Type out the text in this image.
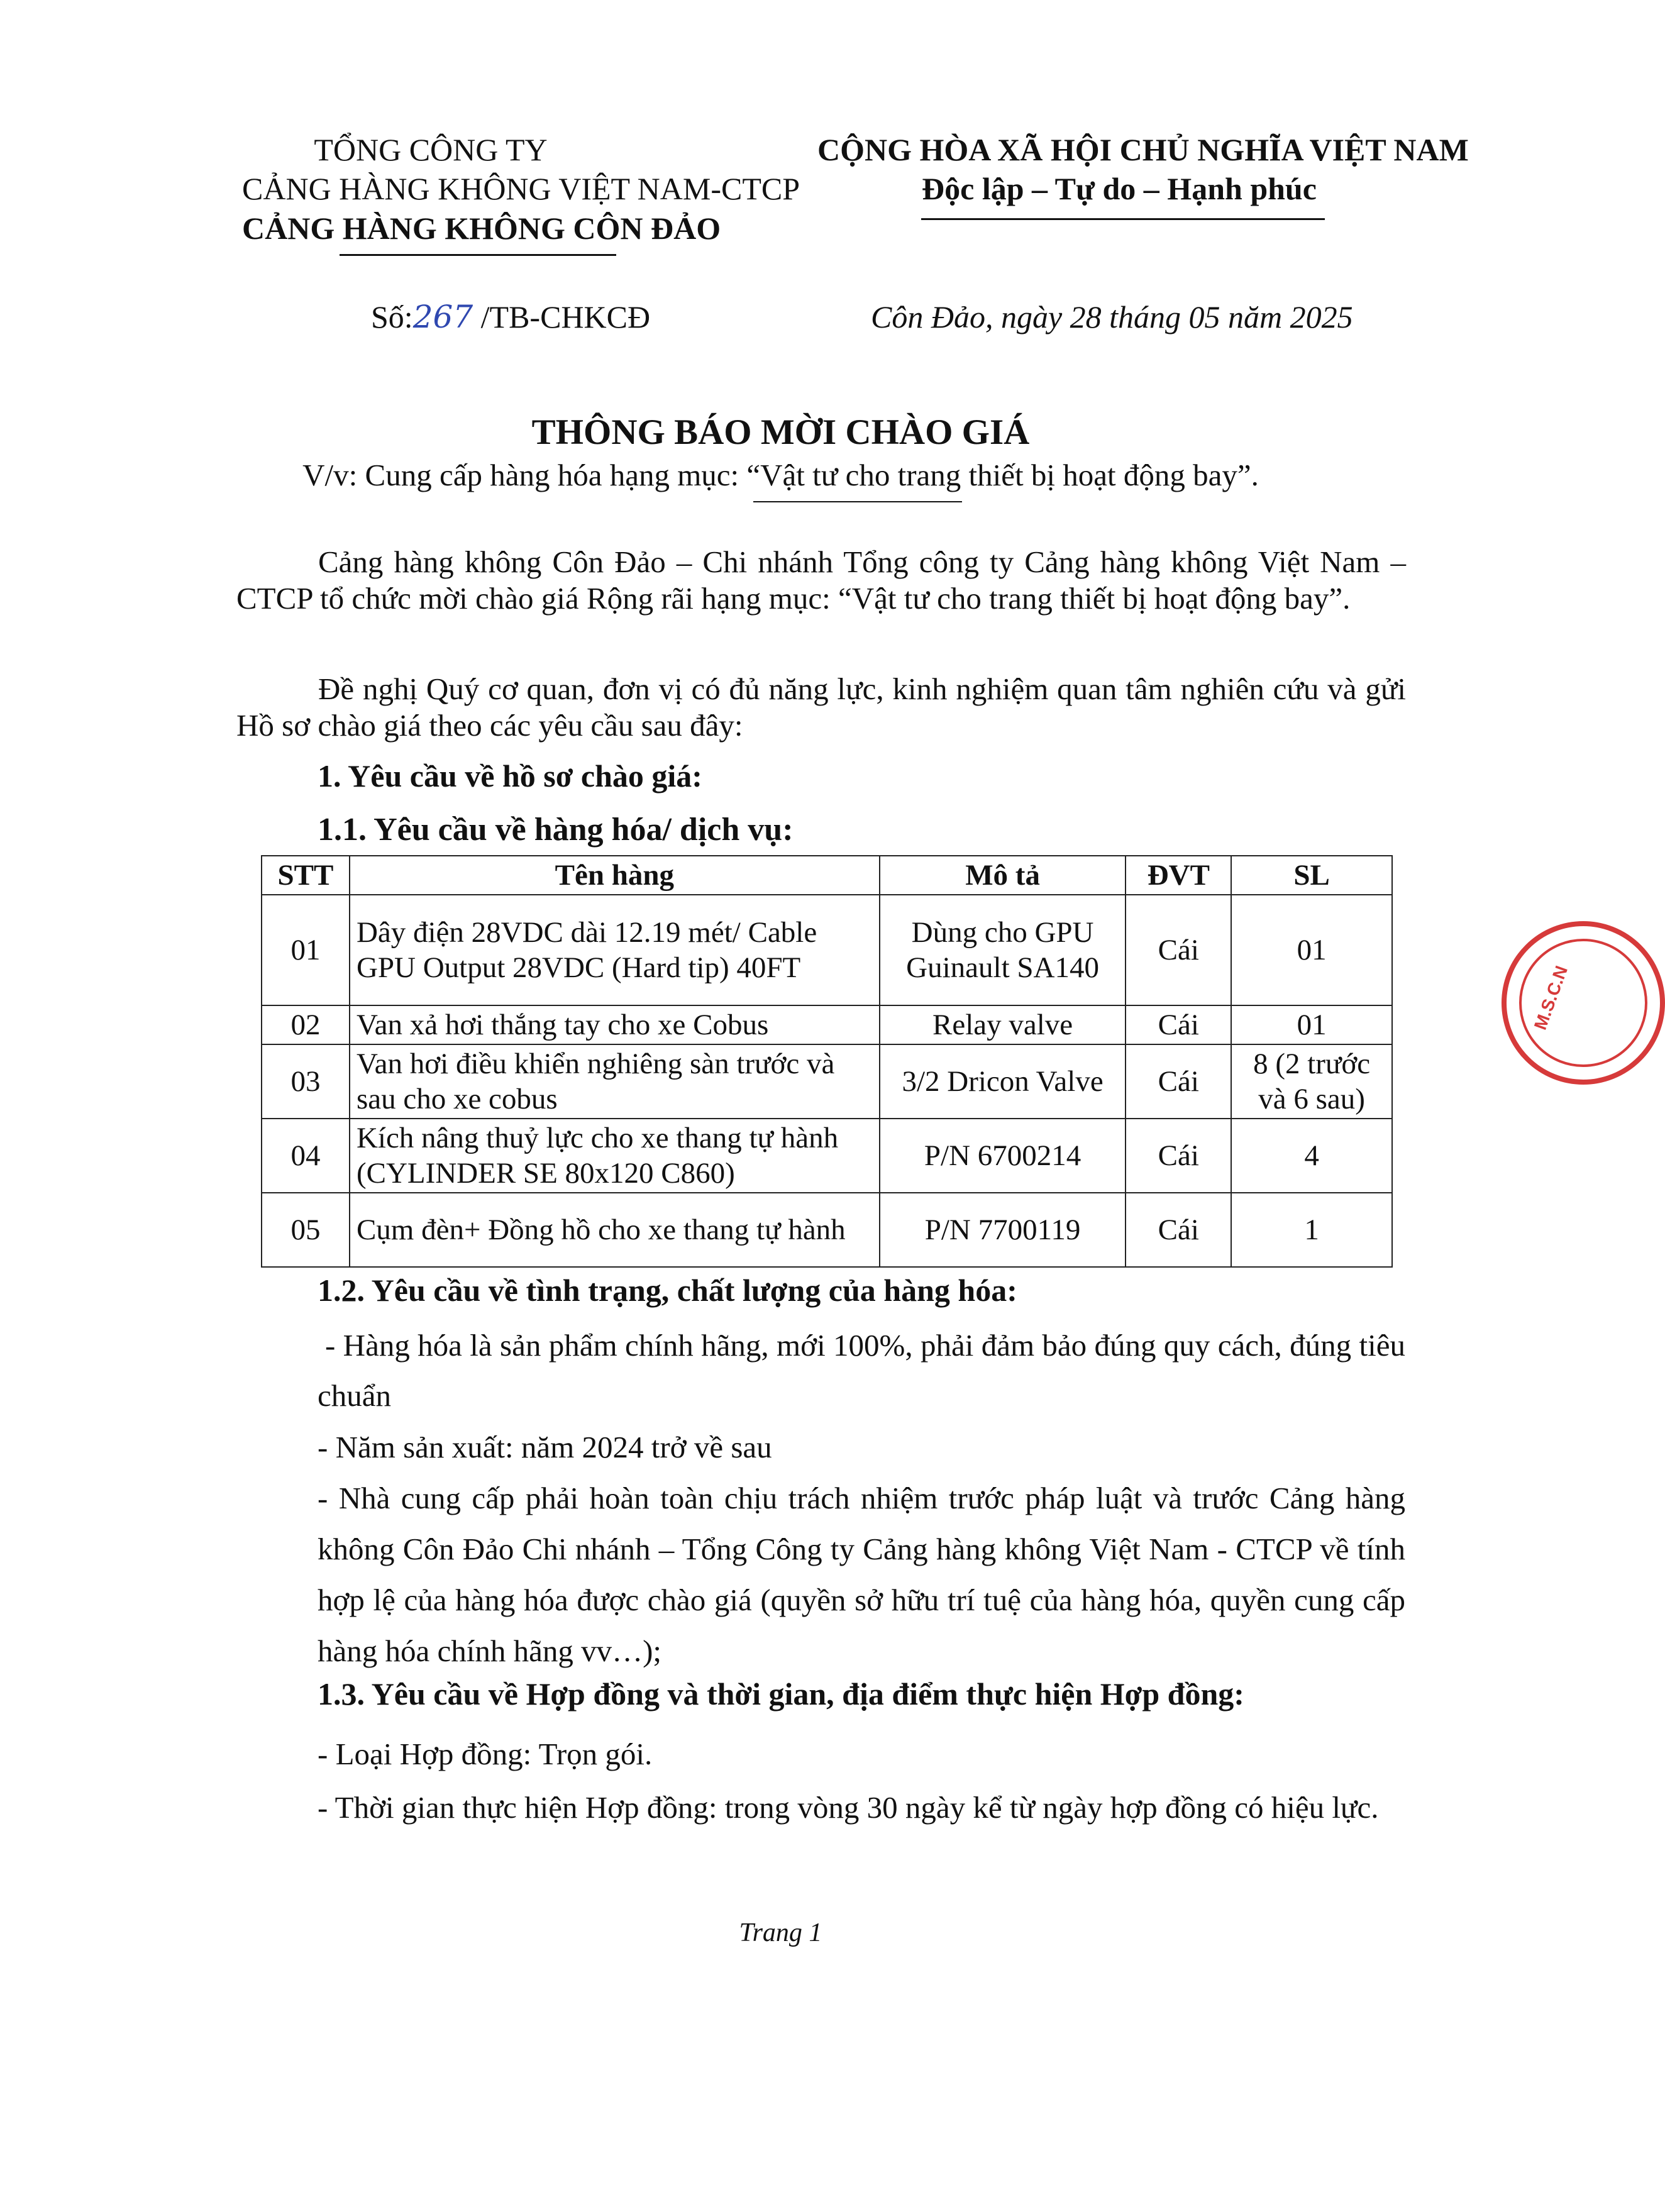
TỔNG CÔNG TY
CẢNG HÀNG KHÔNG VIỆT NAM-CTCP
CẢNG HÀNG KHÔNG CÔN ĐẢO
CỘNG HÒA XÃ HỘI CHỦ NGHĨA VIỆT NAM
Độc lập – Tự do – Hạnh phúc
Số:267 /TB-CHKCĐ	Côn Đảo, ngày 28 tháng 05 năm 2025
THÔNG BÁO MỜI CHÀO GIÁ
V/v: Cung cấp hàng hóa hạng mục: “Vật tư cho trang thiết bị hoạt động bay”.

Cảng hàng không Côn Đảo – Chi nhánh Tổng công ty Cảng hàng không Việt Nam – CTCP tổ chức mời chào giá Rộng rãi hạng mục: “Vật tư cho trang thiết bị hoạt động bay”.

Đề nghị Quý cơ quan, đơn vị có đủ năng lực, kinh nghiệm quan tâm nghiên cứu và gửi Hồ sơ chào giá theo các yêu cầu sau đây:

1. Yêu cầu về hồ sơ chào giá:
1.1. Yêu cầu về hàng hóa/ dịch vụ:
STT	Tên hàng	Mô tả	ĐVT	SL
01	Dây điện 28VDC dài 12.19 mét/ Cable GPU Output 28VDC (Hard tip) 40FT	Dùng cho GPU Guinault SA140	Cái	01
02	Van xả hơi thắng tay cho xe Cobus	Relay valve	Cái	01
03	Van hơi điều khiển nghiêng sàn trước và sau cho xe cobus	3/2 Dricon Valve	Cái	8 (2 trước và 6 sau)
04	Kích nâng thuỷ lực cho xe thang tự hành (CYLINDER SE 80x120 C860)	P/N 6700214	Cái	4
05	Cụm đèn+ Đồng hồ cho xe thang tự hành	P/N 7700119	Cái	1
1.2. Yêu cầu về tình trạng, chất lượng của hàng hóa:

- Hàng hóa là sản phẩm chính hãng, mới 100%, phải đảm bảo đúng quy cách, đúng tiêu chuẩn

- Năm sản xuất: năm 2024 trở về sau

- Nhà cung cấp phải hoàn toàn chịu trách nhiệm trước pháp luật và trước Cảng hàng không Côn Đảo Chi nhánh – Tổng Công ty Cảng hàng không Việt Nam - CTCP về tính hợp lệ của hàng hóa được chào giá (quyền sở hữu trí tuệ của hàng hóa, quyền cung cấp hàng hóa chính hãng vv…);

1.3. Yêu cầu về Hợp đồng và thời gian, địa điểm thực hiện Hợp đồng:

- Loại Hợp đồng: Trọn gói.

- Thời gian thực hiện Hợp đồng: trong vòng 30 ngày kể từ ngày hợp đồng có hiệu lực.

Trang 1
M.S.C.N
